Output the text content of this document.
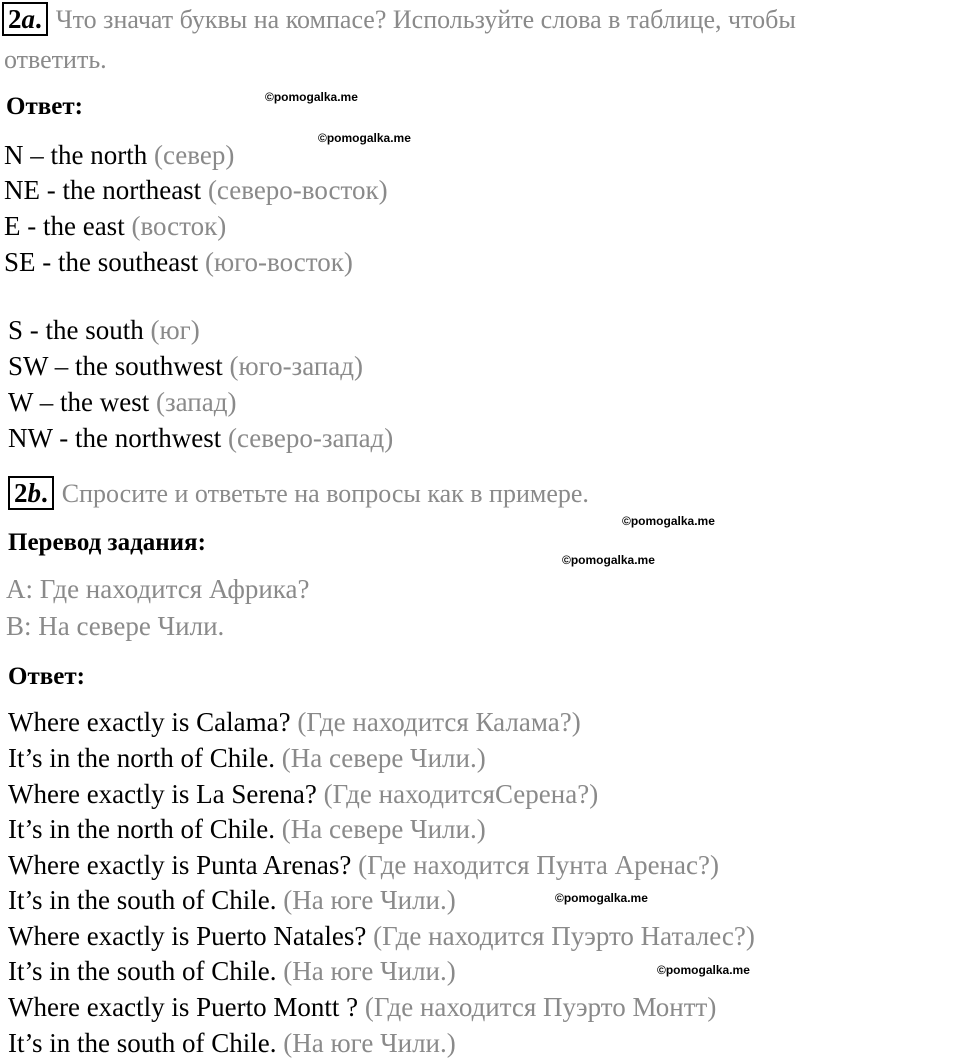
2a. Что значат буквы на компасе? Используйте слова в таблице, чтобы
ответить.
Ответ:
N – the north (север)
NE - the northeast (северо-восток)
E - the east (восток)
SE - the southeast (юго-восток)
S - the south (юг)
SW – the southwest (юго-запад)
W – the west (запад)
NW - the northwest (северо-запад)
2b. Спросите и ответьте на вопросы как в примере.
Перевод задания:
A: Где находится Африка?
B: На севере Чили.
Ответ:
Where exactly is Calama? (Где находится Калама?)
It’s in the north of Chile. (На севере Чили.)
Where exactly is La Serena? (Где находитсяСерена?)
It’s in the north of Chile. (На севере Чили.)
Where exactly is Punta Arenas? (Где находится Пунта Аренас?)
It’s in the south of Chile. (На юге Чили.)
Where exactly is Puerto Natales? (Где находится Пуэрто Наталес?)
It’s in the south of Chile. (На юге Чили.)
Where exactly is Puerto Montt ? (Где находится Пуэрто Монтт)
It’s in the south of Chile. (На юге Чили.)
©pomogalka.me
©pomogalka.me
©pomogalka.me
©pomogalka.me
©pomogalka.me
©pomogalka.me
